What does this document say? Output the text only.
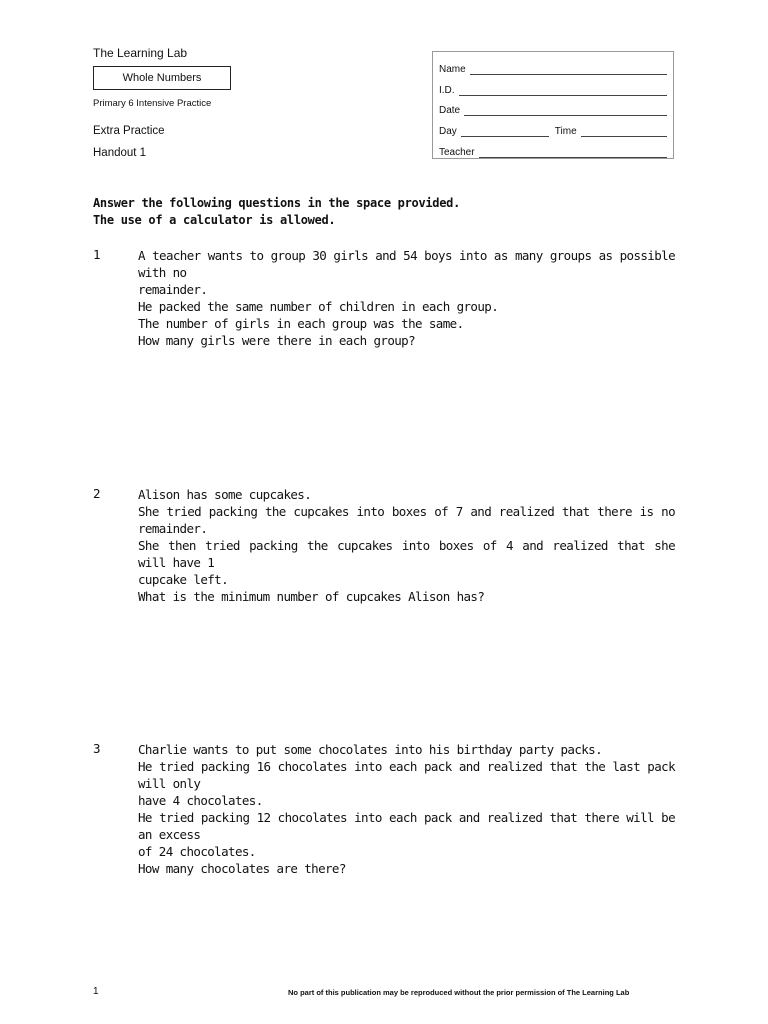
The Learning Lab
Whole Numbers
Primary 6 Intensive Practice
Extra Practice
Handout 1
Name
I.D.
Date
Day	Time
Teacher
Answer the following questions in the space provided.
The use of a calculator is allowed.
1	A teacher wants to group 30 girls and 54 boys into as many groups as possible with no
remainder.
He packed the same number of children in each group.
The number of girls in each group was the same.
How many girls were there in each group?
2	Alison has some cupcakes.
She tried packing the cupcakes into boxes of 7 and realized that there is no remainder.
She then tried packing the cupcakes into boxes of 4 and realized that she will have 1
cupcake left.
What is the minimum number of cupcakes Alison has?
3	Charlie wants to put some chocolates into his birthday party packs.
He tried packing 16 chocolates into each pack and realized that the last pack will only
have 4 chocolates.
He tried packing 12 chocolates into each pack and realized that there will be an excess
of 24 chocolates.
How many chocolates are there?
1	No part of this publication may be reproduced without the prior permission of The Learning Lab
